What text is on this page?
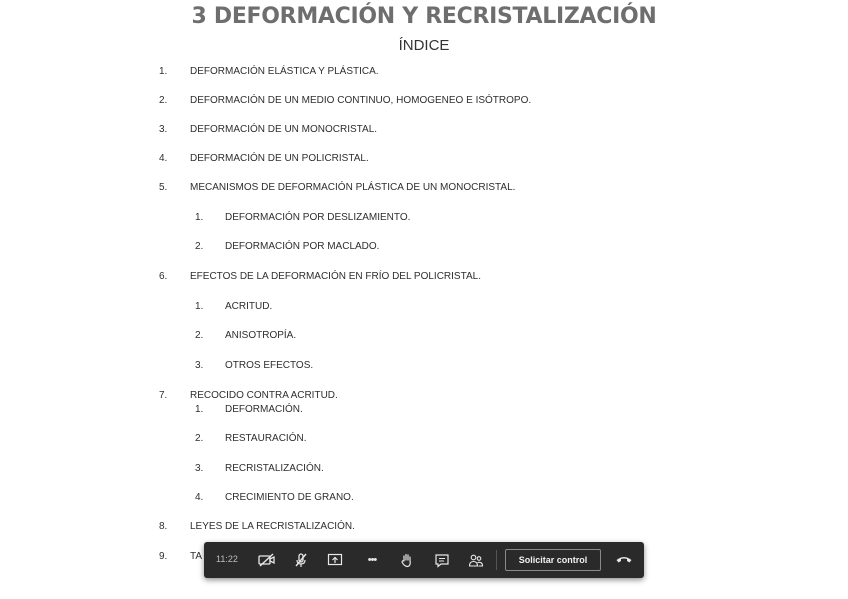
3 DEFORMACIÓN Y RECRISTALIZACIÓN
ÍNDICE
1. DEFORMACIÓN ELÁSTICA Y PLÁSTICA.
2. DEFORMACIÓN DE UN MEDIO CONTINUO, HOMOGENEO E ISÓTROPO.
3. DEFORMACIÓN DE UN MONOCRISTAL.
4. DEFORMACIÓN DE UN POLICRISTAL.
5. MECANISMOS DE DEFORMACIÓN PLÁSTICA DE UN MONOCRISTAL.
1. DEFORMACIÓN POR DESLIZAMIENTO.
2. DEFORMACIÓN POR MACLADO.
6. EFECTOS DE LA DEFORMACIÓN EN FRÍO DEL POLICRISTAL.
1. ACRITUD.
2. ANISOTROPÍA.
3. OTROS EFECTOS.
7. RECOCIDO CONTRA ACRITUD.
1. DEFORMACIÓN.
2. RESTAURACIÓN.
3. RECRISTALIZACIÓN.
4. CRECIMIENTO DE GRANO.
8. LEYES DE LA RECRISTALIZACIÓN.
9. TA 11:22	•••	Solicitar control
